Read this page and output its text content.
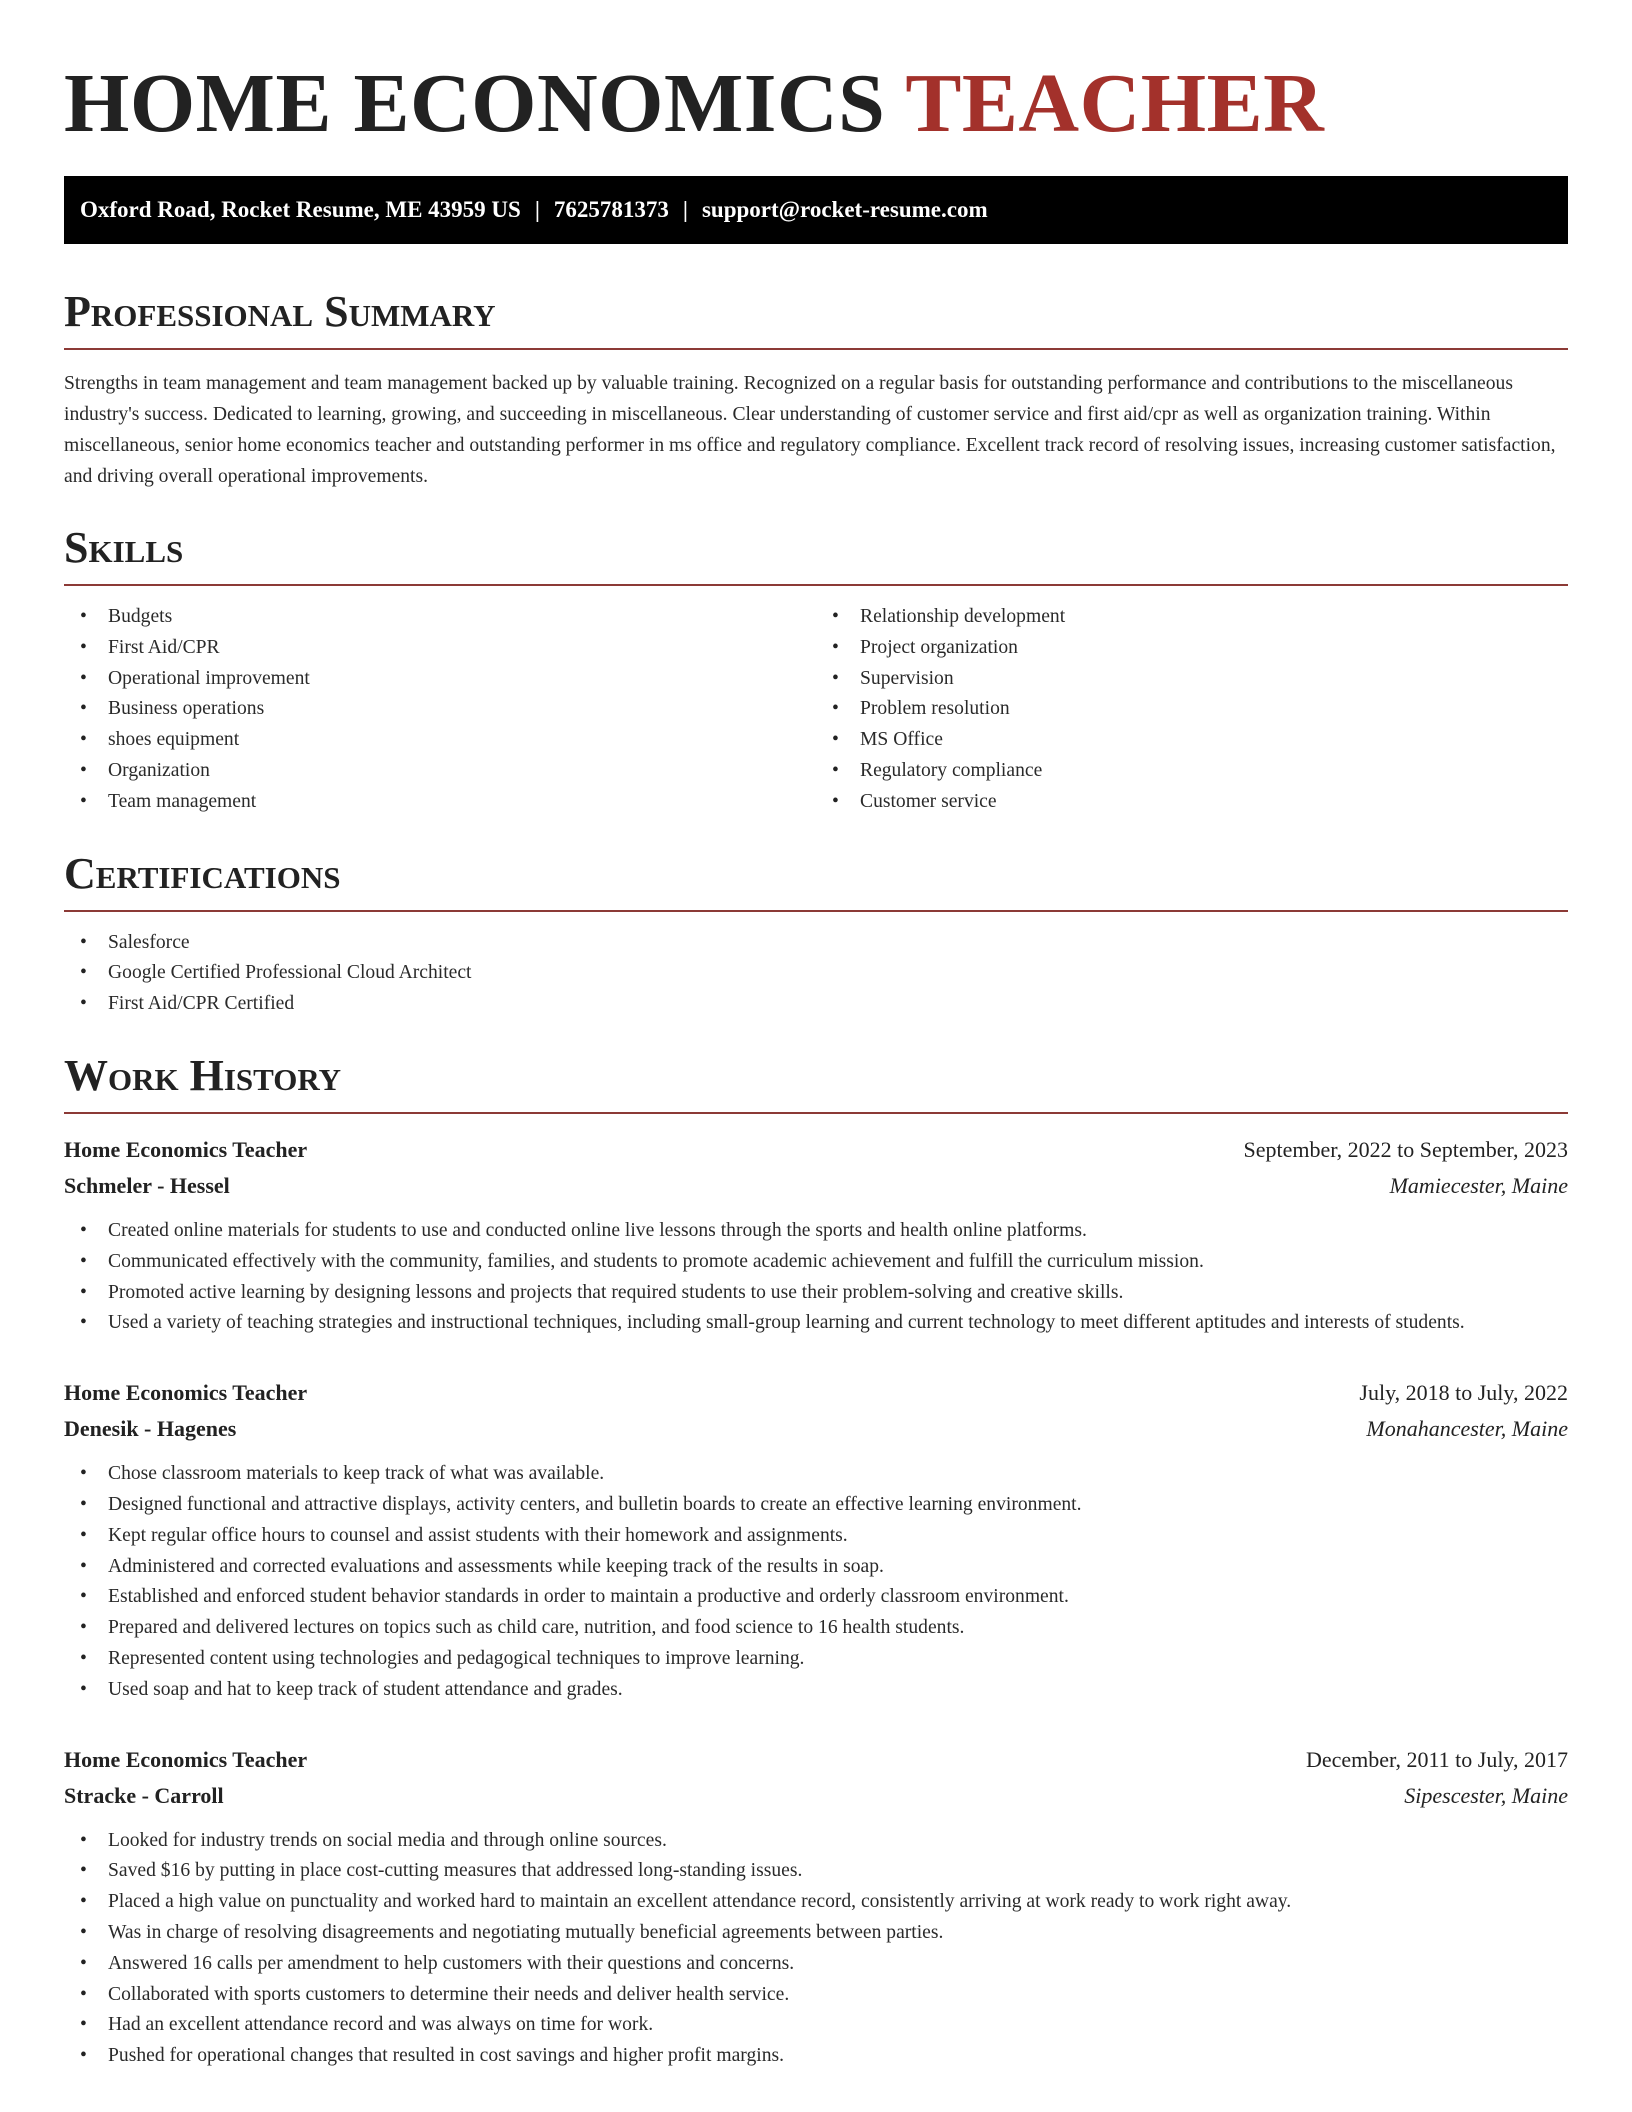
HOME ECONOMICS TEACHER
Oxford Road, Rocket Resume, ME 43959 US | 7625781373 | support@rocket-resume.com
Professional Summary

Strengths in team management and team management backed up by valuable training. Recognized on a regular basis for outstanding performance and contributions to the miscellaneous industry's success. Dedicated to learning, growing, and succeeding in miscellaneous. Clear understanding of customer service and first aid/cpr as well as organization training. Within miscellaneous, senior home economics teacher and outstanding performer in ms office and regulatory compliance. Excellent track record of resolving issues, increasing customer satisfaction, and driving overall operational improvements.

Skills
• Budgets
• First Aid/CPR
• Operational improvement
• Business operations
• shoes equipment
• Organization
• Team management
• Relationship development
• Project organization
• Supervision
• Problem resolution
• MS Office
• Regulatory compliance
• Customer service
Certifications
• Salesforce
• Google Certified Professional Cloud Architect
• First Aid/CPR Certified
Work History
Home Economics Teacher	September, 2022 to September, 2023
Schmeler - Hessel	Mamiecester, Maine
• Created online materials for students to use and conducted online live lessons through the sports and health online platforms.
• Communicated effectively with the community, families, and students to promote academic achievement and fulfill the curriculum mission.
• Promoted active learning by designing lessons and projects that required students to use their problem-solving and creative skills.
• Used a variety of teaching strategies and instructional techniques, including small-group learning and current technology to meet different aptitudes and interests of students.
Home Economics Teacher	July, 2018 to July, 2022
Denesik - Hagenes	Monahancester, Maine
• Chose classroom materials to keep track of what was available.
• Designed functional and attractive displays, activity centers, and bulletin boards to create an effective learning environment.
• Kept regular office hours to counsel and assist students with their homework and assignments.
• Administered and corrected evaluations and assessments while keeping track of the results in soap.
• Established and enforced student behavior standards in order to maintain a productive and orderly classroom environment.
• Prepared and delivered lectures on topics such as child care, nutrition, and food science to 16 health students.
• Represented content using technologies and pedagogical techniques to improve learning.
• Used soap and hat to keep track of student attendance and grades.
Home Economics Teacher	December, 2011 to July, 2017
Stracke - Carroll	Sipescester, Maine
• Looked for industry trends on social media and through online sources.
• Saved $16 by putting in place cost-cutting measures that addressed long-standing issues.
• Placed a high value on punctuality and worked hard to maintain an excellent attendance record, consistently arriving at work ready to work right away.
• Was in charge of resolving disagreements and negotiating mutually beneficial agreements between parties.
• Answered 16 calls per amendment to help customers with their questions and concerns.
• Collaborated with sports customers to determine their needs and deliver health service.
• Had an excellent attendance record and was always on time for work.
• Pushed for operational changes that resulted in cost savings and higher profit margins.
